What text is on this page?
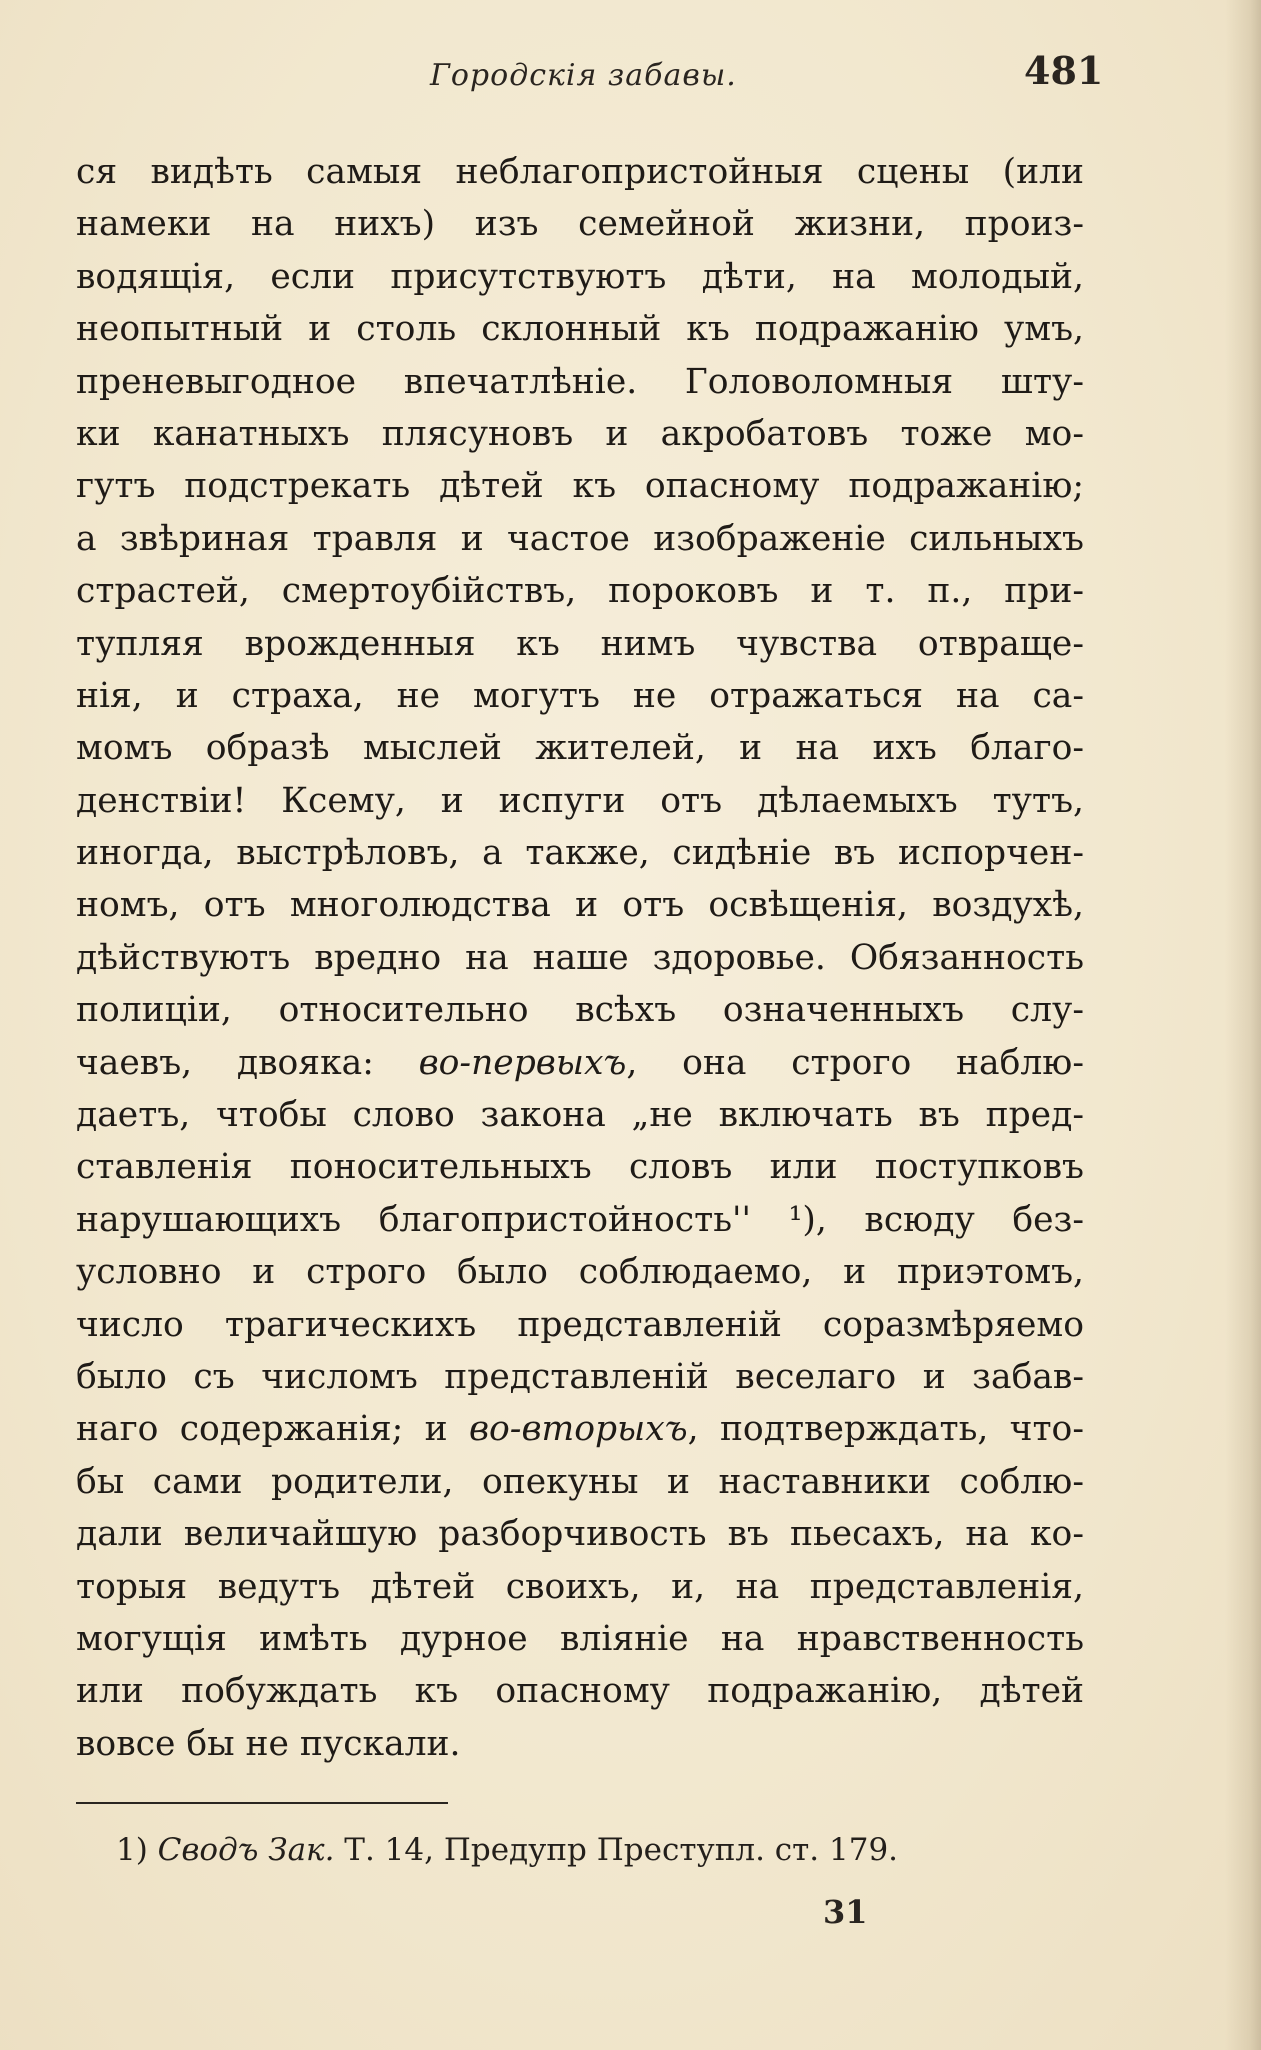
Городскія забавы.	481
ся видѣть самыя неблагопристойныя сцены (или
намеки на нихъ) изъ семейной жизни, произ-
водящія, если присутствуютъ дѣти, на молодый,
неопытный и столь склонный къ подражанію умъ,
преневыгодное впечатлѣніе. Головоломныя шту-
ки канатныхъ плясуновъ и акробатовъ тоже мо-
гутъ подстрекать дѣтей къ опасному подражанію;
а звѣриная травля и частое изображеніе сильныхъ
страстей, смертоубійствъ, пороковъ и т. п., при-
тупляя врожденныя къ нимъ чувства отвраще-
нія, и страха, не могутъ не отражаться на са-
момъ образѣ мыслей жителей, и на ихъ благо-
денствіи! Ксему, и испуги отъ дѣлаемыхъ тутъ,
иногда, выстрѣловъ, а также, сидѣніе въ испорчен-
номъ, отъ многолюдства и отъ освѣщенія, воздухѣ,
дѣйствуютъ вредно на наше здоровье. Обязанность
полиціи, относительно всѣхъ означенныхъ слу-
чаевъ, двояка: во-первыхъ, она строго наблю-
даетъ, чтобы слово закона „не включать въ пред-
ставленія поносительныхъ словъ или поступковъ
нарушающихъ благопристойность'' ¹), всюду без-
условно и строго было соблюдаемо, и приэтомъ,
число трагическихъ представленій соразмѣряемо
было съ числомъ представленій веселаго и забав-
наго содержанія; и во-вторыхъ, подтверждать, что-
бы сами родители, опекуны и наставники соблю-
дали величайшую разборчивость въ пьесахъ, на ко-
торыя ведутъ дѣтей своихъ, и, на представленія,
могущія имѣть дурное вліяніе на нравственность
или побуждать къ опасному подражанію, дѣтей
вовсе бы не пускали.
1) Сводъ Зак. Т. 14, Предупр Преступл. ст. 179.
31
